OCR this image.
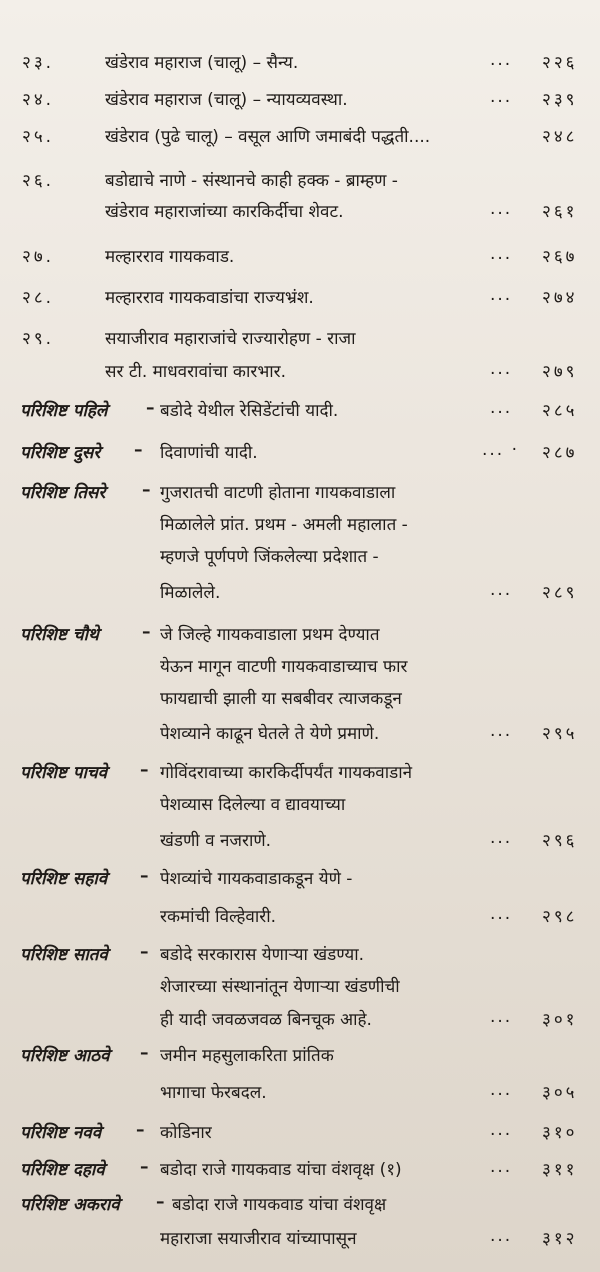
२३.	खंडेराव महाराज (चालू) – सैन्य.	... २२६
२४.	खंडेराव महाराज (चालू) – न्यायव्यवस्था.	... २३९
२५.	खंडेराव (पुढे चालू) – वसूल आणि जमाबंदी पद्धती....	२४८
२६.	बडोद्याचे नाणे - संस्थानचे काही हक्क - ब्राम्हण -
खंडेराव महाराजांच्या कारकिर्दीचा शेवट.	... २६१
२७.	मल्हारराव गायकवाड.	... २६७
२८.	मल्हारराव गायकवाडांचा राज्यभ्रंश.	... २७४
२९.	सयाजीराव महाराजांचे राज्यारोहण - राजा
सर टी. माधवरावांचा कारभार.	... २७९
परिशिष्ट पहिले – बडोदे येथील रेसिडेंटांची यादी.	... २८५
परिशिष्ट दुसरे – दिवाणांची यादी.	... · २८७
परिशिष्ट तिसरे – गुजरातची वाटणी होताना गायकवाडाला
मिळालेले प्रांत. प्रथम - अमली महालात -
म्हणजे पूर्णपणे जिंकलेल्या प्रदेशात -
मिळालेले.	... २८९
परिशिष्ट चौथे	– जे जिल्हे गायकवाडाला प्रथम देण्यात
येऊन मागून वाटणी गायकवाडाच्याच फार
फायद्याची झाली या सबबीवर त्याजकडून
पेशव्याने काढून घेतले ते येणे प्रमाणे.	... २९५
परिशिष्ट पाचवे – गोविंदरावाच्या कारकिर्दीपर्यंत गायकवाडाने
पेशव्यास दिलेल्या व द्यावयाच्या
खंडणी व नजराणे.	... २९६
परिशिष्ट सहावे – पेशव्यांचे गायकवाडाकडून येणे -
रकमांची विल्हेवारी.	... २९८
परिशिष्ट सातवे – बडोदे सरकारास येणाऱ्या खंडण्या.
शेजारच्या संस्थानांतून येणाऱ्या खंडणीची
ही यादी जवळजवळ बिनचूक आहे.	... ३०१
परिशिष्ट आठवे – जमीन महसुलाकरिता प्रांतिक
भागाचा फेरबदल.	... ३०५
परिशिष्ट नववे – कोडिनार	... ३१०
परिशिष्ट दहावे – बडोदा राजे गायकवाड यांचा वंशवृक्ष (१)	... ३११
परिशिष्ट अकरावे – बडोदा राजे गायकवाड यांचा वंशवृक्ष
महाराजा सयाजीराव यांच्यापासून	... ३१२
